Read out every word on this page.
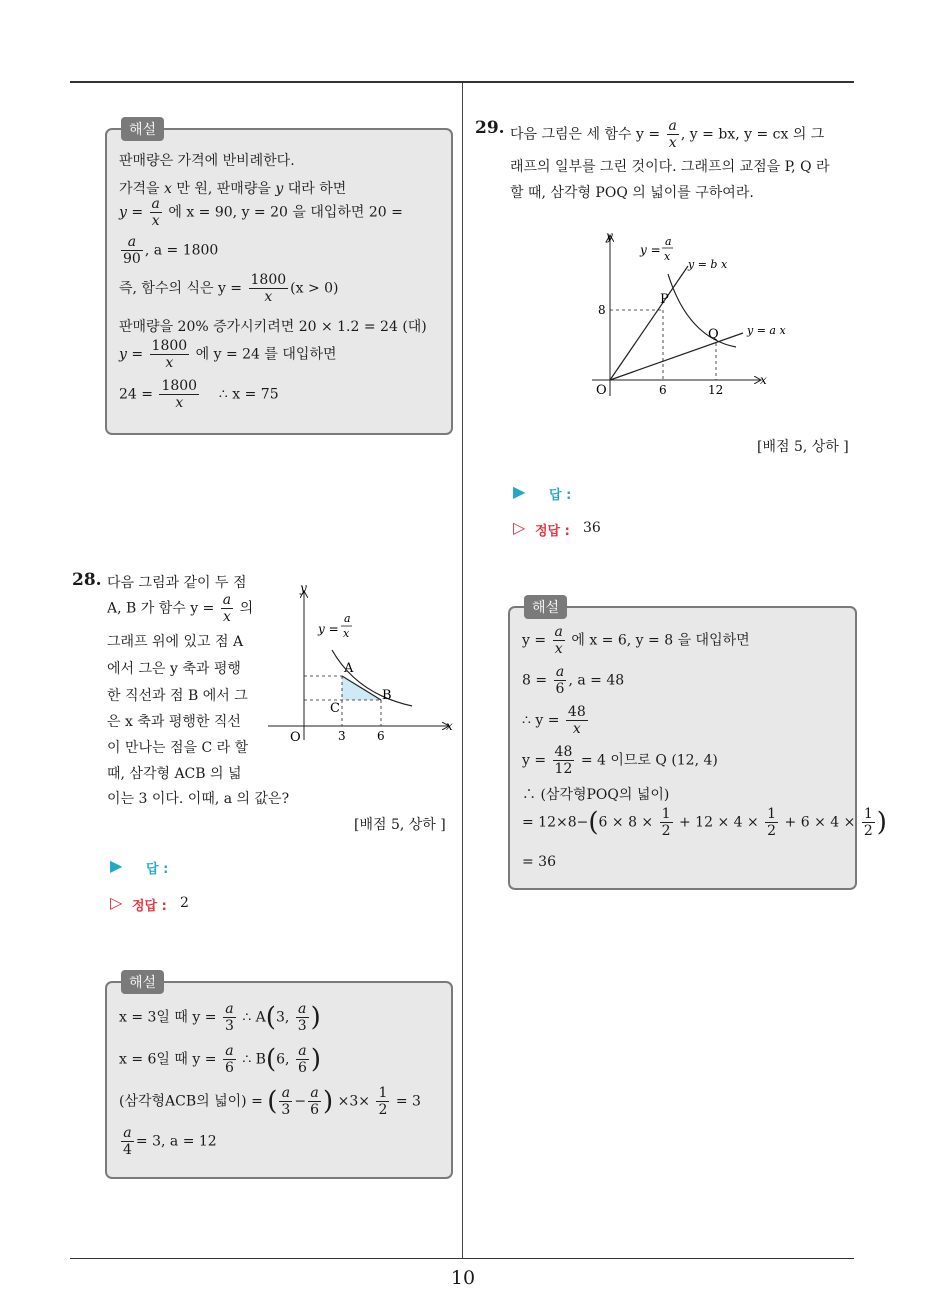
10
해설
판매량은 가격에 반비례한다.
가격을 x 만 원, 판매량을 y 대라 하면
$y = \frac{a}{x}$ 에 x = 90, y = 20 을 대입하면 20 =
$\frac{a}{90}$ , a = 1800
즉, 함수의 식은 $y = \frac{1800}{x} (x > 0)$
판매량을 20% 증가시키려면 20 × 1.2 = 24 (대)
$y = \frac{1800}{x}$ 에 y = 24 를 대입하면
$24 = \frac{1800}{x}$ ∴ x = 75
28. 다음 그림과 같이 두 점
A, B 가 함수 $y = \frac{a}{x}$ 의
그래프 위에 있고 점 A
에서 그은 y 축과 평행
한 직선과 점 B 에서 그
은 x 축과 평행한 직선
이 만나는 점을 C 라 할
때, 삼각형 ACB 의 넓
이는 3 이다. 이때, a 의 값은?
y
x
O
y =
a
x
A
B
C
3	6
[배점 5, 상하 ]
▶ 답 :
▷ 정답 : 2
해설
x = 3일 때 $y = \frac{a}{3}$ ∴ A(3, $\frac{a}{3}$ )
x = 6일 때 $y = \frac{a}{6}$ ∴ B(6, $\frac{a}{6}$ )
(삼각형ACB의 넓이) = ( $\frac{a}{3} - \frac{a}{6}$ ) $\times 3\times \frac{1}{2} = 3$
$\frac{a}{4} = 3$, a = 12
29. 다음 그림은 세 함수 $y = \frac{a}{x}$ , y = bx, y = cx 의 그
래프의 일부를 그린 것이다. 그래프의 교점을 P, Q 라
할 때, 삼각형 POQ 의 넓이를 구하여라.
y
x
O
y =
a
x
y = b x
y = a x
P
Q
8
6	12
[배점 5, 상하 ]
▶ 답 :
▷ 정답 : 36
해설
$y = \frac{a}{x}$ 에 x = 6, y = 8 을 대입하면
$8 = \frac{a}{6}$ , a = 48
∴ $y = \frac{48}{x}$
$y = \frac{48}{12} = 4$ 이므로 Q (12, 4)
∴ (삼각형POQ의 넓이)
= $12\times 8-(6 \times 8 \times \frac{1}{2} + 12 \times 4 \times \frac{1}{2} + 6 \times 4 \times \frac{1}{2}$ )
= 36
